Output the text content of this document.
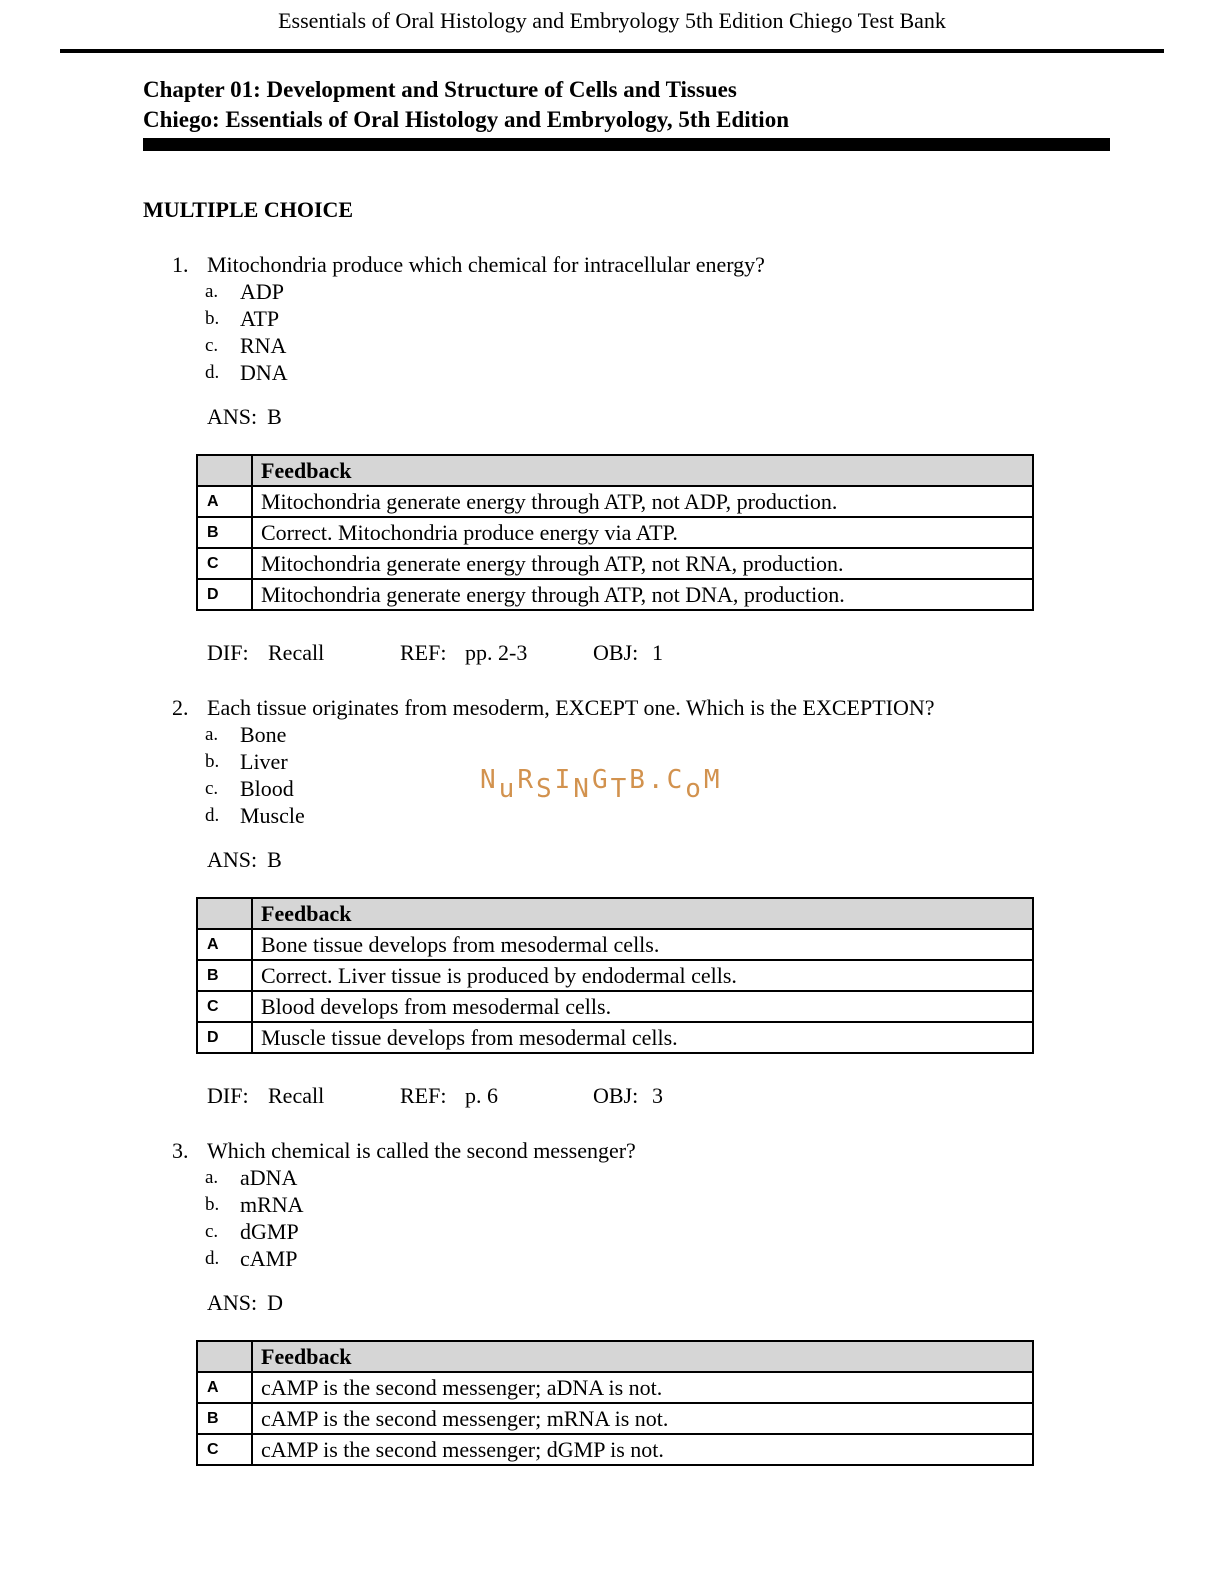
Essentials of Oral Histology and Embryology 5th Edition Chiego Test Bank
Chapter 01: Development and Structure of Cells and Tissues
Chiego: Essentials of Oral Histology and Embryology, 5th Edition
MULTIPLE CHOICE
1. Mitochondria produce which chemical for intracellular energy?
a. ADP
b. ATP
c. RNA
d. DNA
ANS: B
	Feedback
A	Mitochondria generate energy through ATP, not ADP, production.
B	Correct. Mitochondria produce energy via ATP.
C	Mitochondria generate energy through ATP, not RNA, production.
D	Mitochondria generate energy through ATP, not DNA, production.
DIF: Recall	REF: pp. 2-3	OBJ: 1
2. Each tissue originates from mesoderm, EXCEPT one. Which is the EXCEPTION?
a. Bone
b. Liver
c. Blood
d. Muscle
ANS: B
	Feedback
A	Bone tissue develops from mesodermal cells.
B	Correct. Liver tissue is produced by endodermal cells.
C	Blood develops from mesodermal cells.
D	Muscle tissue develops from mesodermal cells.
DIF: Recall	REF: p. 6	OBJ: 3
3. Which chemical is called the second messenger?
a. aDNA
b. mRNA
c. dGMP
d. cAMP
ANS: D
	Feedback
A	cAMP is the second messenger; aDNA is not.
B	cAMP is the second messenger; mRNA is not.
C	cAMP is the second messenger; dGMP is not.
NuRSINGTB.CoM
